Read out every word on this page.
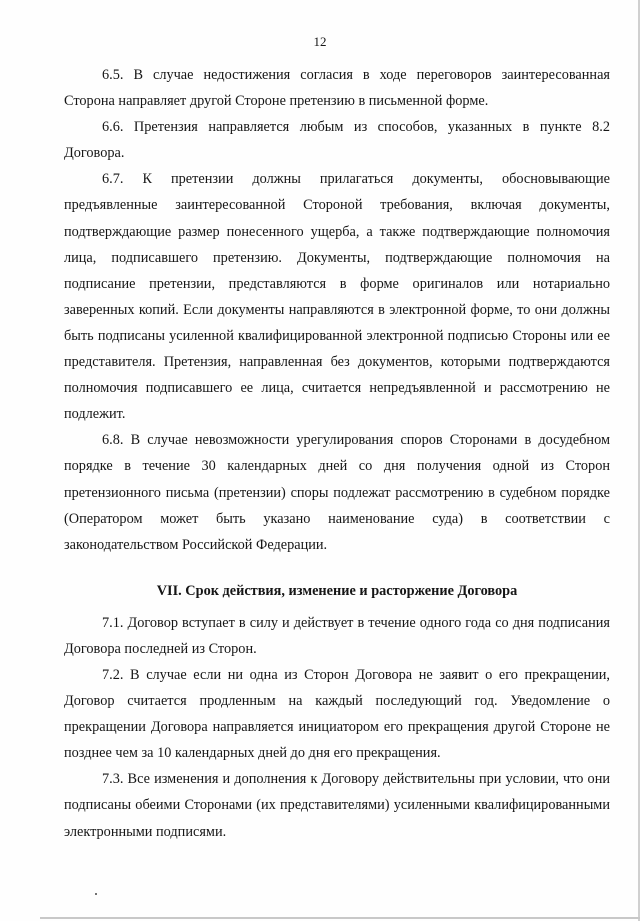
12

6.5. В случае недостижения согласия в ходе переговоров заинтересованная Сторона направляет другой Стороне претензию в письменной форме.

6.6. Претензия направляется любым из способов, указанных в пункте 8.2 Договора.

6.7. К претензии должны прилагаться документы, обосновывающие предъявленные заинтересованной Стороной требования, включая документы, подтверждающие размер понесенного ущерба, а также подтверждающие полномочия лица, подписавшего претензию. Документы, подтверждающие полномочия на подписание претензии, представляются в форме оригиналов или нотариально заверенных копий. Если документы направляются в электронной форме, то они должны быть подписаны усиленной квалифицированной электронной подписью Стороны или ее представителя. Претензия, направленная без документов, которыми подтверждаются полномочия подписавшего ее лица, считается непредъявленной и рассмотрению не подлежит.

6.8. В случае невозможности урегулирования споров Сторонами в досудебном порядке в течение 30 календарных дней со дня получения одной из Сторон претензионного письма (претензии) споры подлежат рассмотрению в судебном порядке (Оператором может быть указано наименование суда) в соответствии с законодательством Российской Федерации.

VII. Срок действия, изменение и расторжение Договора

7.1. Договор вступает в силу и действует в течение одного года со дня подписания Договора последней из Сторон.

7.2. В случае если ни одна из Сторон Договора не заявит о его прекращении, Договор считается продленным на каждый последующий год. Уведомление о прекращении Договора направляется инициатором его прекращения другой Стороне не позднее чем за 10 календарных дней до дня его прекращения.

7.3. Все изменения и дополнения к Договору действительны при условии, что они подписаны обеими Сторонами (их представителями) усиленными квалифицированными электронными подписями.
